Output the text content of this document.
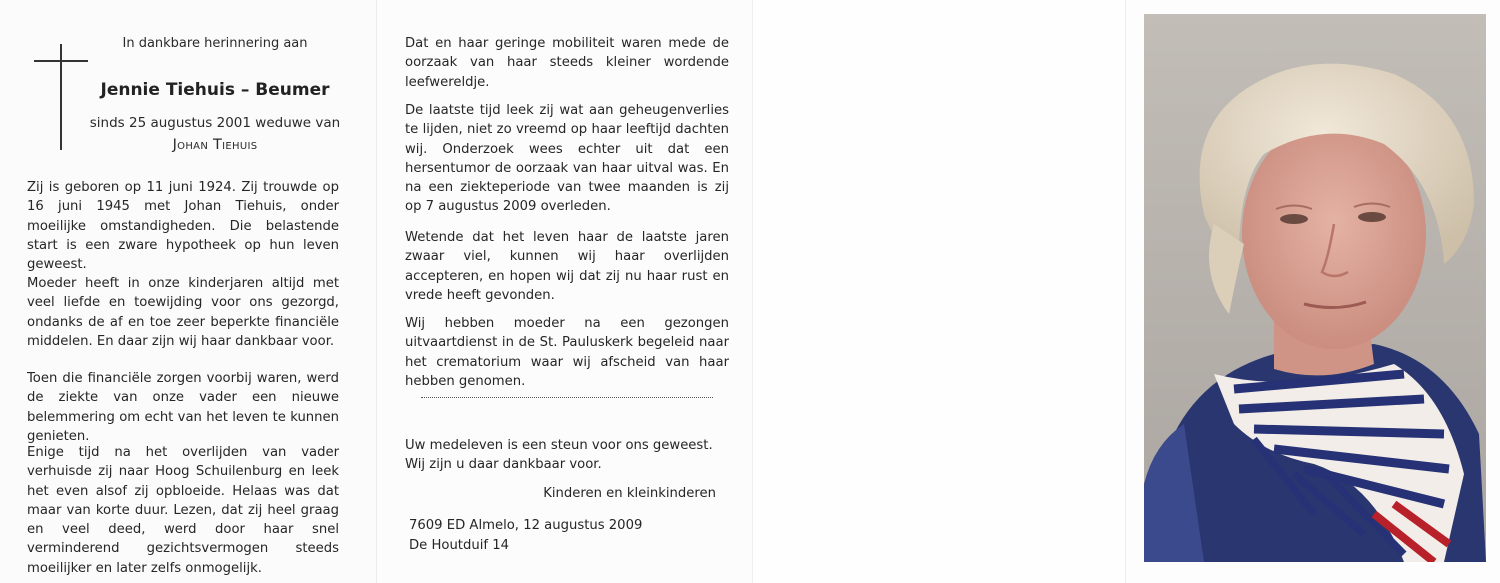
In dankbare herinnering aan
Jennie Tiehuis – Beumer
sinds 25 augustus 2001 weduwe van
Johan Tiehuis

Zij is geboren op 11 juni 1924. Zij trouwde op 16 juni 1945 met Johan Tiehuis, onder moeilijke omstandigheden. Die belastende start is een zware hypotheek op hun leven geweest.

Moeder heeft in onze kinderjaren altijd met veel liefde en toewijding voor ons gezorgd, ondanks de af en toe zeer beperkte financiële middelen. En daar zijn wij haar dankbaar voor.

Toen die financiële zorgen voorbij waren, werd de ziekte van onze vader een nieuwe belemmering om echt van het leven te kunnen genieten.

Enige tijd na het overlijden van vader verhuisde zij naar Hoog Schuilenburg en leek het even alsof zij opbloeide. Helaas was dat maar van korte duur. Lezen, dat zij heel graag en veel deed, werd door haar snel verminderend gezichtsvermogen steeds moeilijker en later zelfs onmogelijk.

Dat en haar geringe mobiliteit waren mede de oorzaak van haar steeds kleiner wordende leefwereldje.

De laatste tijd leek zij wat aan geheugenverlies te lijden, niet zo vreemd op haar leeftijd dachten wij. Onderzoek wees echter uit dat een hersentumor de oorzaak van haar uitval was. En na een ziekteperiode van twee maanden is zij op 7 augustus 2009 overleden.

Wetende dat het leven haar de laatste jaren zwaar viel, kunnen wij haar overlijden accepteren, en hopen wij dat zij nu haar rust en vrede heeft gevonden.

Wij hebben moeder na een gezongen uitvaartdienst in de St. Pauluskerk begeleid naar het crematorium waar wij afscheid van haar hebben genomen.

Uw medeleven is een steun voor ons geweest.
Wij zijn u daar dankbaar voor.
Kinderen en kleinkinderen
7609 ED Almelo, 12 augustus 2009
De Houtduif 14
